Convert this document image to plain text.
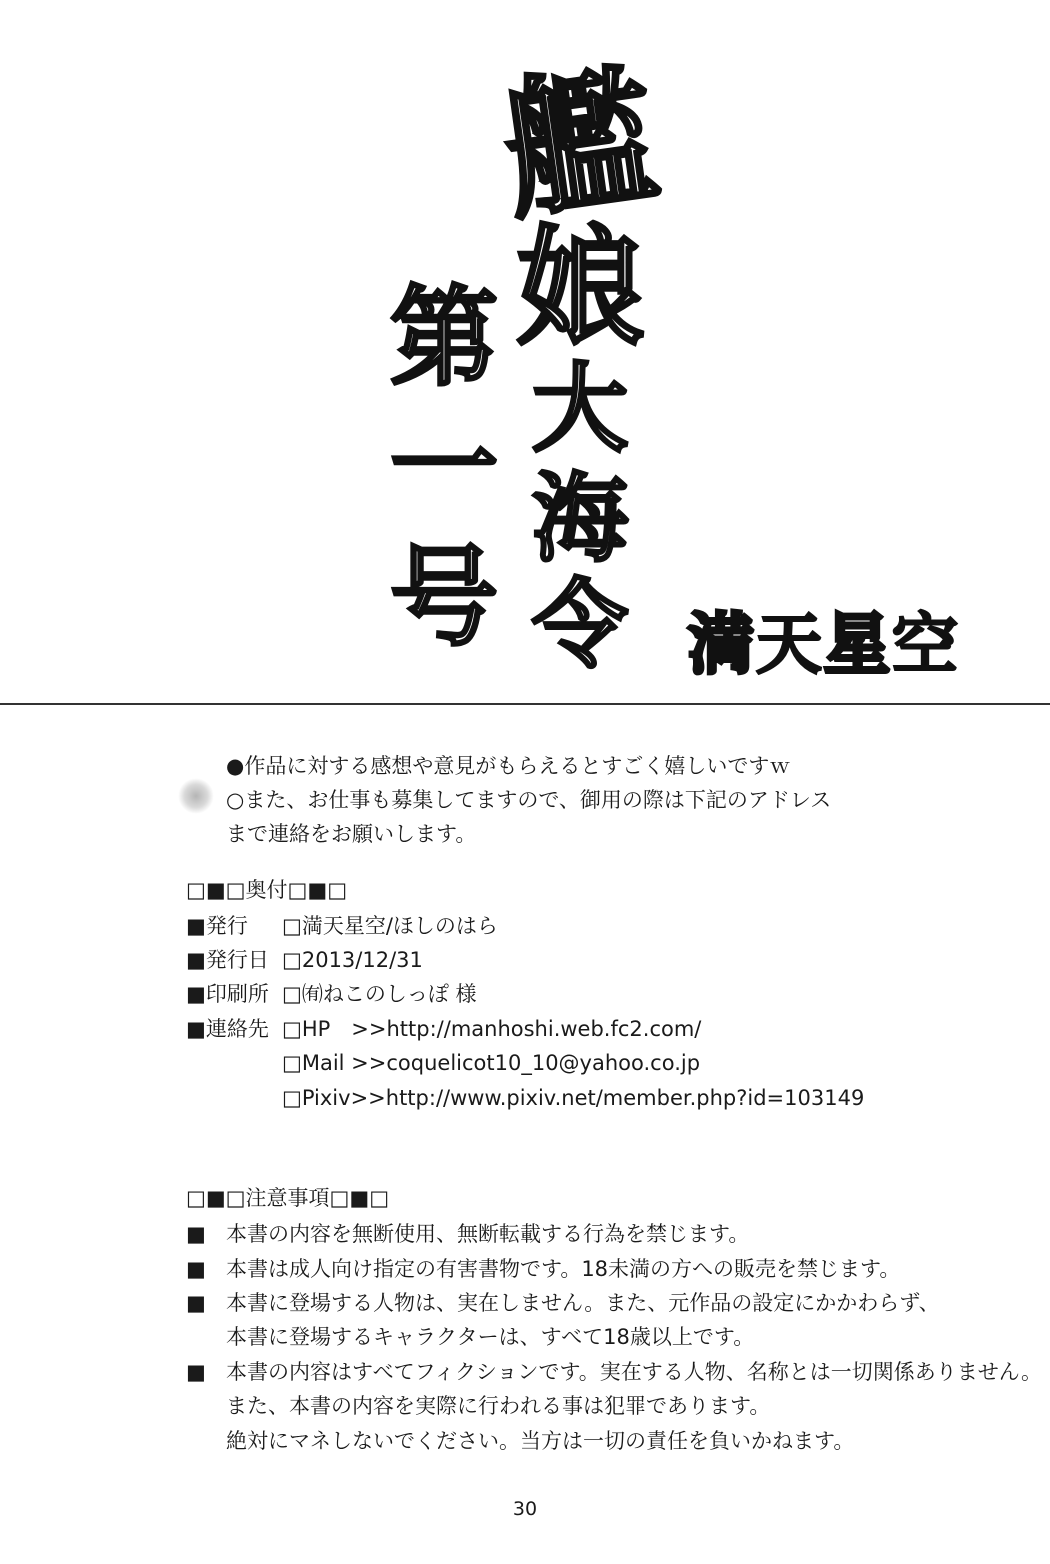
艦
娘
大
海
令
第
一
号	満 天 星 空
●作品に対する感想や意見がもらえるとすごく嬉しいですｗ
○また、お仕事も募集してますので、御用の際は下記のアドレス
まで連絡をお願いします。
□■□奥付□■□
■発行 □満天星空/ほしのはら
■発行日 □2013/12/31
■印刷所 □㈲ねこのしっぽ 様
■連絡先 □HP　>>http://manhoshi.web.fc2.com/
□Mail >>coquelicot10_10@yahoo.co.jp
□Pixiv>>http://www.pixiv.net/member.php?id=103149
□■□注意事項□■□
■ 本書の内容を無断使用、無断転載する行為を禁じます。
■ 本書は成人向け指定の有害書物です。18未満の方への販売を禁じます。
■ 本書に登場する人物は、実在しません。また、元作品の設定にかかわらず、
本書に登場するキャラクターは、すべて18歳以上です。
■ 本書の内容はすべてフィクションです。実在する人物、名称とは一切関係ありません。
また、本書の内容を実際に行われる事は犯罪であります。
絶対にマネしないでください。当方は一切の責任を負いかねます。
30
